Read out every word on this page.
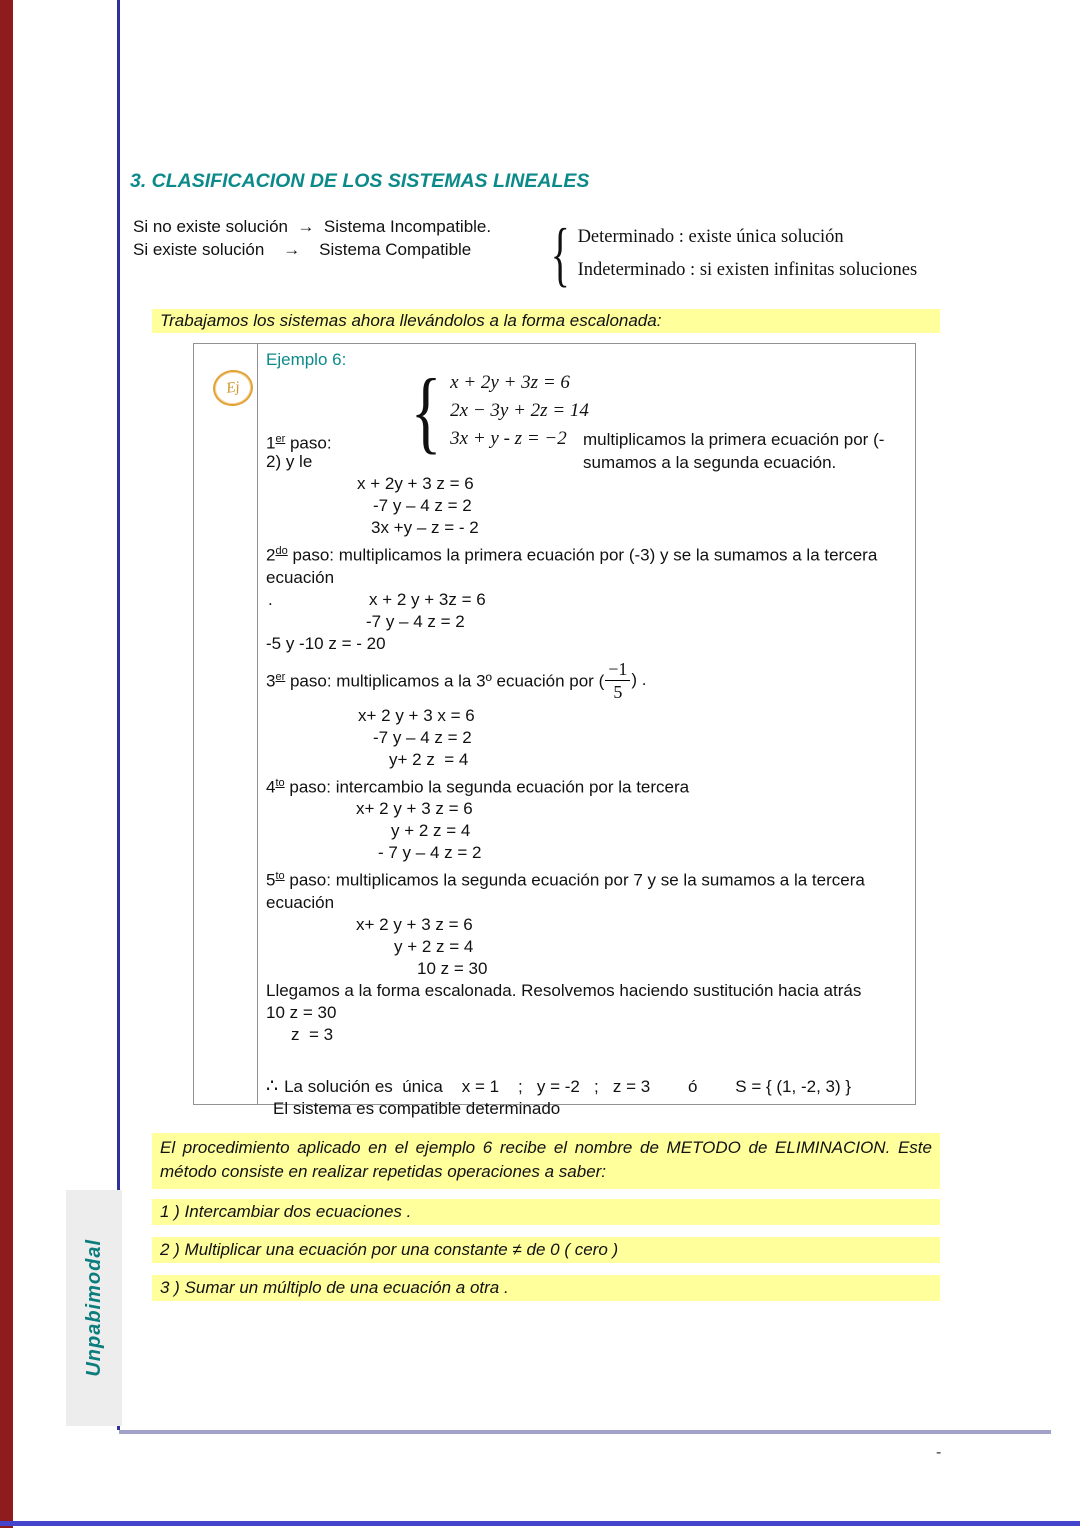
3. CLASIFICACION DE LOS SISTEMAS LINEALES
Si no existe solución  →  Sistema Incompatible.
Si existe solución    →    Sistema Compatible	{ Determinado : existe única solución
Indeterminado : si existen infinitas soluciones
Trabajamos los sistemas ahora llevándolos a la forma escalonada:
Ej
Ejemplo 6:
{ x + 2y + 3z = 6
2x − 3y + 2z = 14
3x + y - z = −2
1er paso:
2) y le
multiplicamos la primera ecuación por (-
sumamos a la segunda ecuación.
x + 2y + 3 z = 6
-7 y – 4 z = 2
3x +y – z = - 2
$2^{do}$ paso: multiplicamos la primera ecuación por (-3) y se la sumamos a la tercera ecuación
.	x + 2 y + 3z = 6
-7 y – 4 z = 2
-5 y -10 z = - 20
3er paso: multiplicamos a la 3º ecuación por ( $\frac{-1}{5}$ ) .
x+ 2 y + 3 x = 6
-7 y – 4 z = 2
y+ 2 z  = 4
$4^{to}$ paso: intercambio la segunda ecuación por la tercera
x+ 2 y + 3 z = 6
y + 2 z = 4
- 7 y – 4 z = 2
$5^{to}$ paso: multiplicamos la segunda ecuación por 7 y se la sumamos a la tercera ecuación
x+ 2 y + 3 z = 6
y + 2 z = 4
10 z = 30
Llegamos a la forma escalonada. Resolvemos haciendo sustitución hacia atrás
10 z = 30
z  = 3
∴ La solución es  única    x = 1    ;   y = -2   ;   z = 3        ó        S = { (1, -2, 3) }
El sistema es compatible determinado
El procedimiento aplicado en el ejemplo 6 recibe el nombre de METODO de ELIMINACION. Este método consiste en realizar repetidas operaciones a saber:
1 ) Intercambiar dos ecuaciones .
2 ) Multiplicar una ecuación por una constante ≠ de 0 ( cero )
3 ) Sumar un múltiplo de una ecuación a otra .
Unpabimodal
-
